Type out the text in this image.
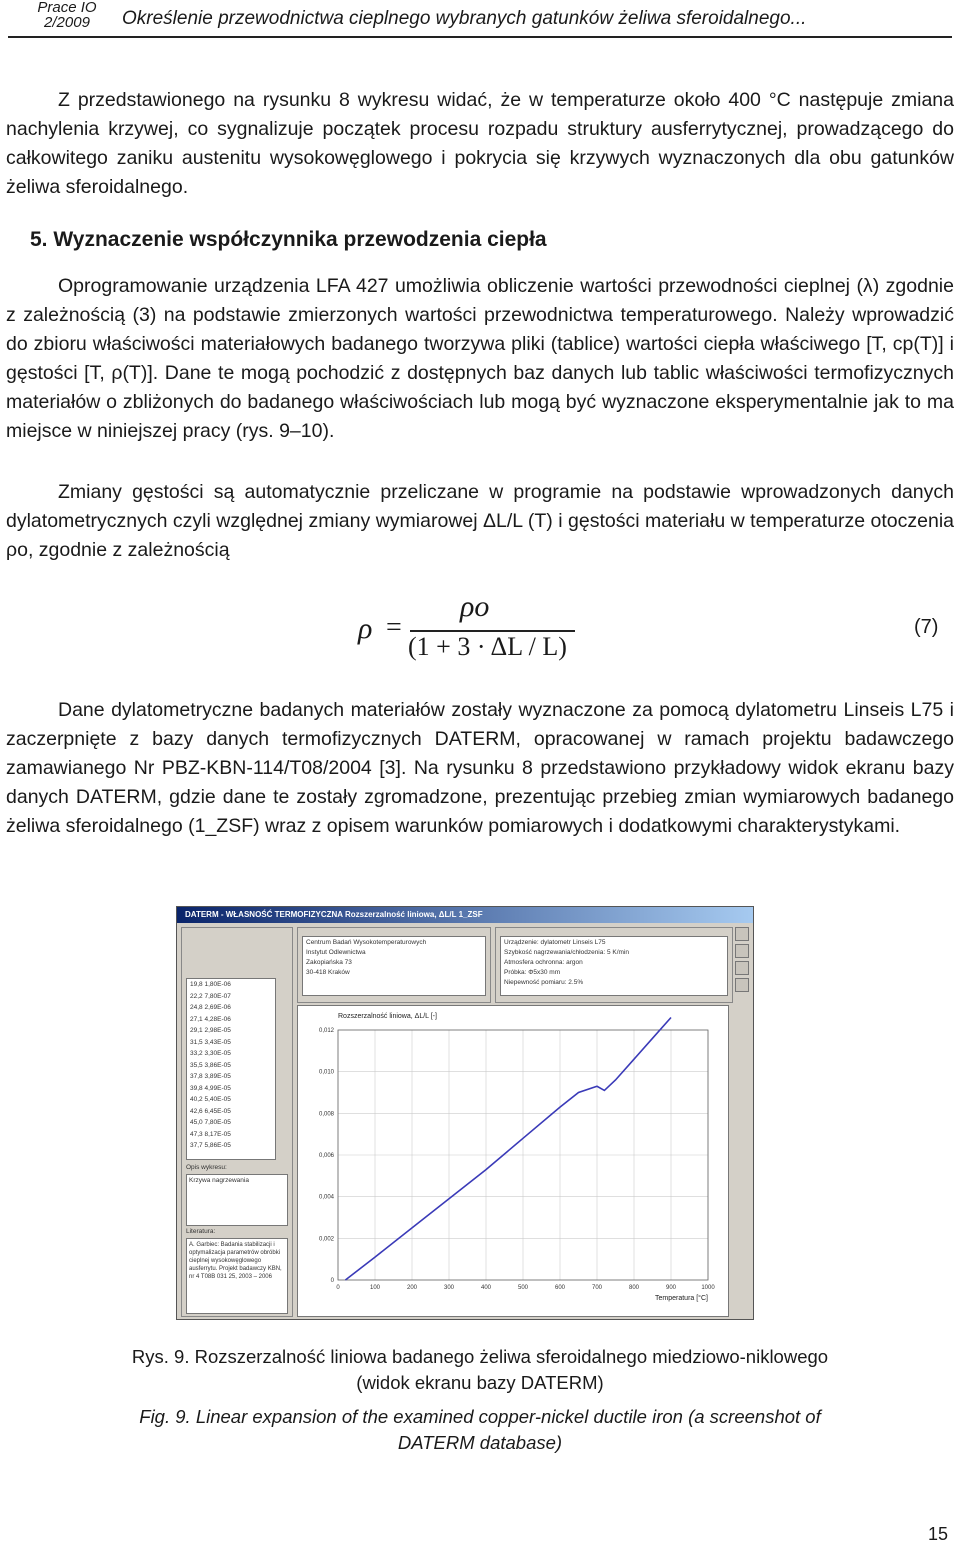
Prace IO
2/2009	Określenie przewodnictwa cieplnego wybranych gatunków żeliwa sferoidalnego...
Z przedstawionego na rysunku 8 wykresu widać, że w temperaturze około 400 °C następuje zmiana nachylenia krzywej, co sygnalizuje początek procesu rozpadu struktury ausferrytycznej, prowadzącego do całkowitego zaniku austenitu wysokowęglowego i pokrycia się krzywych wyznaczonych dla obu gatunków żeliwa sferoidalnego.
5. Wyznaczenie współczynnika przewodzenia ciepła
Oprogramowanie urządzenia LFA 427 umożliwia obliczenie wartości przewodności cieplnej (λ) zgodnie z zależnością (3) na podstawie zmierzonych wartości przewodnictwa temperaturowego. Należy wprowadzić do zbioru właściwości materiałowych badanego tworzywa pliki (tablice) wartości ciepła właściwego [T, cp(T)] i gęstości [T, ρ(T)]. Dane te mogą pochodzić z dostępnych baz danych lub tablic właściwości termofizycznych materiałów o zbliżonych do badanego właściwościach lub mogą być wyznaczone eksperymentalnie jak to ma miejsce w niniejszej pracy (rys. 9–10).
Zmiany gęstości są automatycznie przeliczane w programie na podstawie wprowadzonych danych dylatometrycznych czyli względnej zmiany wymiarowej ΔL/L (T) i gęstości materiału w temperaturze otoczenia ρo, zgodnie z zależnością
ρ =
ρo
(1 + 3 · ΔL / L)
(7)
Dane dylatometryczne badanych materiałów zostały wyznaczone za pomocą dylatometru Linseis L75 i zaczerpnięte z bazy danych termofizycznych DATERM, opracowanej w ramach projektu badawczego zamawianego Nr PBZ-KBN-114/T08/2004 [3]. Na rysunku 8 przedstawiono przykładowy widok ekranu bazy danych DATERM, gdzie dane te zostały zgromadzone, prezentując przebieg zmian wymiarowych badanego żeliwa sferoidalnego (1_ZSF) wraz z opisem warunków pomiarowych i dodatkowymi charakterystykami.
DATERM - WŁASNOŚĆ TERMOFIZYCZNA Rozszerzalność liniowa, ΔL/L 1_ZSF
19,8 1,80E-06
22,2 7,80E-07
24,8 2,69E-06
27,1 4,28E-06
29,1 2,98E-05
31,5 3,43E-05
33,2 3,30E-05
35,5 3,86E-05
37,8 3,89E-05
39,8 4,99E-05
40,2 5,40E-05
42,6 6,45E-05
45,0 7,80E-05
47,3 8,17E-05
37,7 5,86E-05
Opis wykresu:
Krzywa nagrzewania
Literatura:
A. Garbiec: Badania stabilizacji i optymalizacja parametrów obróbki cieplnej wysokowęglowego ausferrytu. Projekt badawczy KBN, nr 4 T08B 031 25, 2003 – 2006
Centrum Badań Wysokotemperaturowych
Instytut Odlewnictwa
Zakopiańska 73
30-418 Kraków
Urządzenie: dylatometr Linseis L75
Szybkość nagrzewania/chłodzenia: 5 K/min
Atmosfera ochronna: argon
Próbka: Φ5x30 mm
Niepewność pomiaru: 2.5%
0	100	200	300	400	500	600	700	800	900	1000
0,012
0,010
0,008
0,006
0,004
0,002
0
Rozszerzalność liniowa, ΔL/L [-]
Temperatura [°C]
Rys. 9. Rozszerzalność liniowa badanego żeliwa sferoidalnego miedziowo-niklowego
(widok ekranu bazy DATERM)
Fig. 9. Linear expansion of the examined copper-nickel ductile iron (a screenshot of
DATERM database)
15
